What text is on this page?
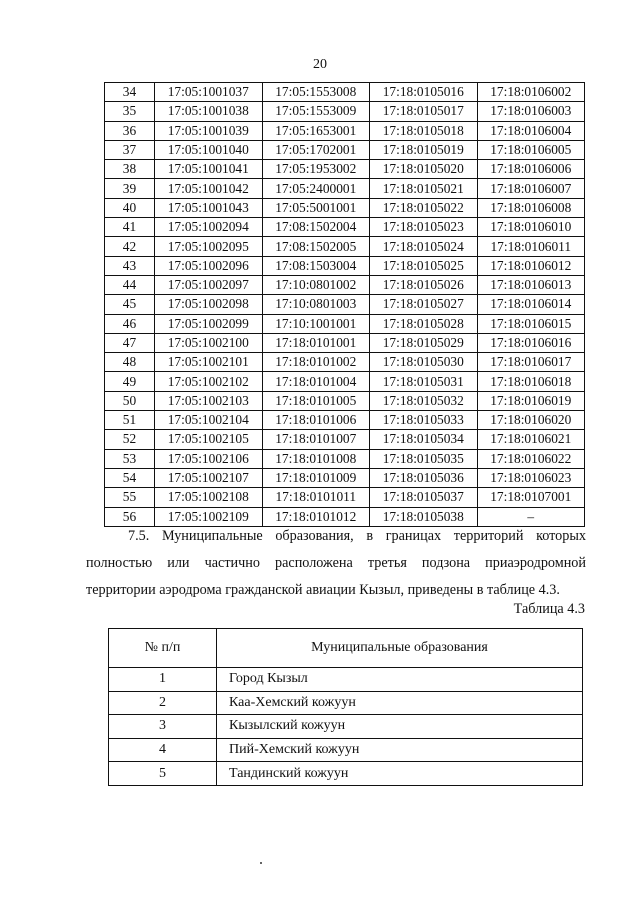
20
34	17:05:1001037	17:05:1553008	17:18:0105016	17:18:0106002
35	17:05:1001038	17:05:1553009	17:18:0105017	17:18:0106003
36	17:05:1001039	17:05:1653001	17:18:0105018	17:18:0106004
37	17:05:1001040	17:05:1702001	17:18:0105019	17:18:0106005
38	17:05:1001041	17:05:1953002	17:18:0105020	17:18:0106006
39	17:05:1001042	17:05:2400001	17:18:0105021	17:18:0106007
40	17:05:1001043	17:05:5001001	17:18:0105022	17:18:0106008
41	17:05:1002094	17:08:1502004	17:18:0105023	17:18:0106010
42	17:05:1002095	17:08:1502005	17:18:0105024	17:18:0106011
43	17:05:1002096	17:08:1503004	17:18:0105025	17:18:0106012
44	17:05:1002097	17:10:0801002	17:18:0105026	17:18:0106013
45	17:05:1002098	17:10:0801003	17:18:0105027	17:18:0106014
46	17:05:1002099	17:10:1001001	17:18:0105028	17:18:0106015
47	17:05:1002100	17:18:0101001	17:18:0105029	17:18:0106016
48	17:05:1002101	17:18:0101002	17:18:0105030	17:18:0106017
49	17:05:1002102	17:18:0101004	17:18:0105031	17:18:0106018
50	17:05:1002103	17:18:0101005	17:18:0105032	17:18:0106019
51	17:05:1002104	17:18:0101006	17:18:0105033	17:18:0106020
52	17:05:1002105	17:18:0101007	17:18:0105034	17:18:0106021
53	17:05:1002106	17:18:0101008	17:18:0105035	17:18:0106022
54	17:05:1002107	17:18:0101009	17:18:0105036	17:18:0106023
55	17:05:1002108	17:18:0101011	17:18:0105037	17:18:0107001
56	17:05:1002109	17:18:0101012	17:18:0105038	–
7.5. Муниципальные образования, в границах территорий которых полностью или частично расположена третья подзона приаэродромной территории аэродрома гражданской авиации Кызыл, приведены в таблице 4.3.
Таблица 4.3
№ п/п	Муниципальные образования
1	Город Кызыл
2	Каа-Хемский кожуун
3	Кызылский кожуун
4	Пий-Хемский кожуун
5	Тандинский кожуун
